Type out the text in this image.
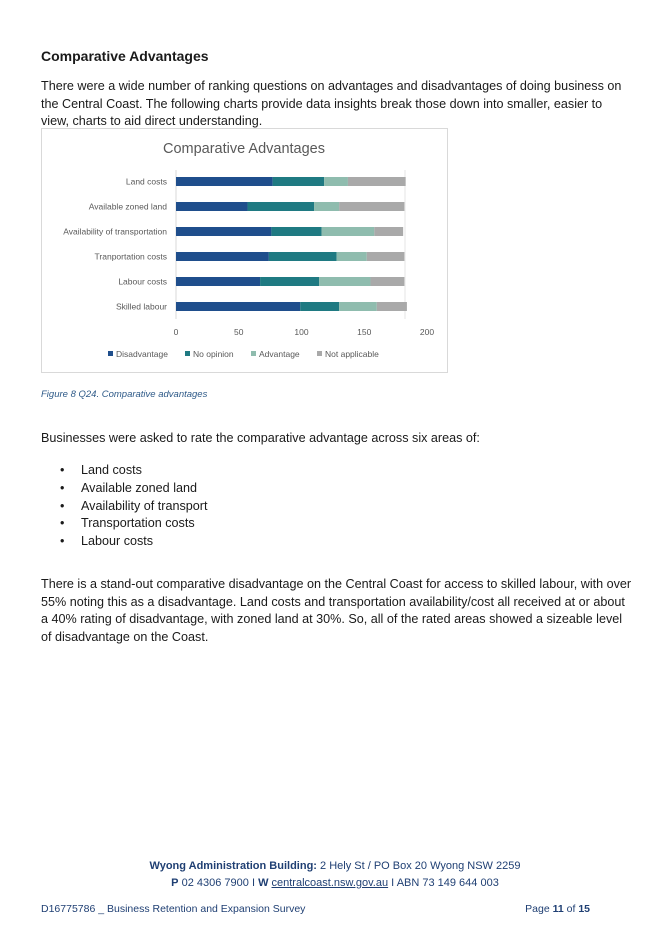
Comparative Advantages
There were a wide number of ranking questions on advantages and disadvantages of doing business on the Central Coast. The following charts provide data insights break those down into smaller, easier to view, charts to aid direct understanding.
Comparative Advantages
Land costs
Available zoned land
Availability of transportation
Tranportation costs
Labour costs
Skilled labour
0	50	100	150	200
Disadvantage	No opinion	Advantage	Not applicable
Figure 8 Q24. Comparative advantages
Businesses were asked to rate the comparative advantage across six areas of:
• Land costs
• Available zoned land
• Availability of transport
• Transportation costs
• Labour costs
There is a stand-out comparative disadvantage on the Central Coast for access to skilled labour, with over 55% noting this as a disadvantage. Land costs and transportation availability/cost all received at or about a 40% rating of disadvantage, with zoned land at 30%. So, all of the rated areas showed a sizeable level of disadvantage on the Coast.
Wyong Administration Building: 2 Hely St / PO Box 20 Wyong NSW 2259
P 02 4306 7900 I W centralcoast.nsw.gov.au I ABN 73 149 644 003
D16775786 _ Business Retention and Expansion Survey	Page 11 of 15
